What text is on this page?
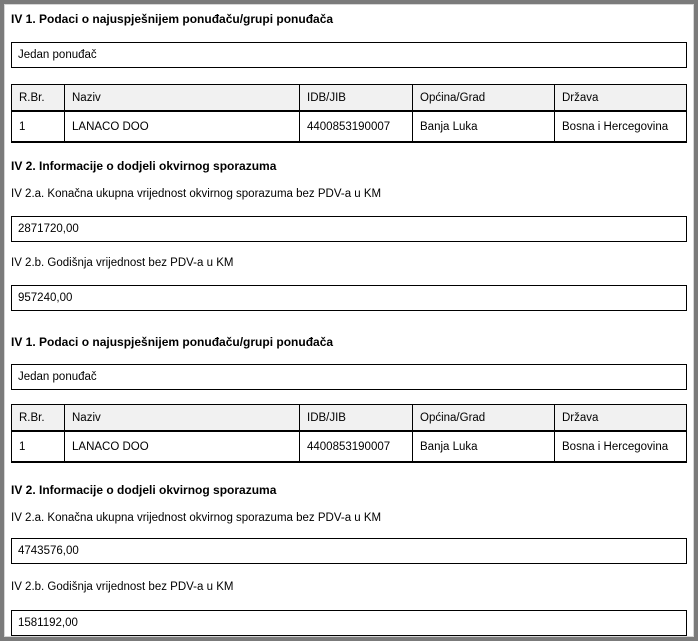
IV 1. Podaci o najuspješnijem ponuđaču/grupi ponuđača
Jedan ponuđač
R.Br.	Naziv	IDB/JIB	Općina/Grad	Država
1	LANACO DOO	4400853190007	Banja Luka	Bosna i Hercegovina
IV 2. Informacije o dodjeli okvirnog sporazuma
IV 2.a. Konačna ukupna vrijednost okvirnog sporazuma bez PDV-a u KM
2871720,00
IV 2.b. Godišnja vrijednost bez PDV-a u KM
957240,00
IV 1. Podaci o najuspješnijem ponuđaču/grupi ponuđača
Jedan ponuđač
R.Br.	Naziv	IDB/JIB	Općina/Grad	Država
1	LANACO DOO	4400853190007	Banja Luka	Bosna i Hercegovina
IV 2. Informacije o dodjeli okvirnog sporazuma
IV 2.a. Konačna ukupna vrijednost okvirnog sporazuma bez PDV-a u KM
4743576,00
IV 2.b. Godišnja vrijednost bez PDV-a u KM
1581192,00
